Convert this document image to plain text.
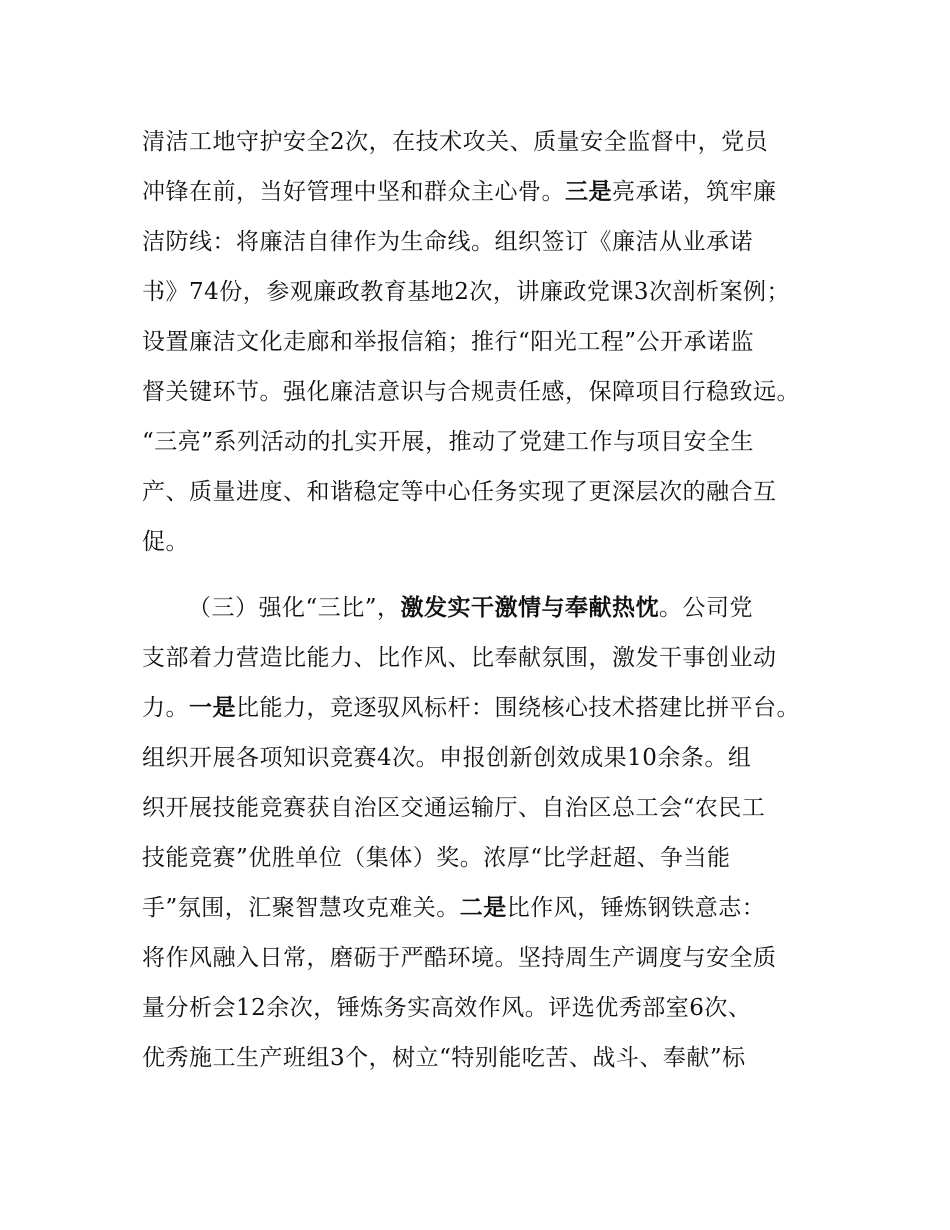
清洁工地守护安全2次，在技术攻关、质量安全监督中，党员
冲锋在前，当好管理中坚和群众主心骨。三是亮承诺，筑牢廉
洁防线：将廉洁自律作为生命线。组织签订《廉洁从业承诺
书》74份，参观廉政教育基地2次，讲廉政党课3次剖析案例；
设置廉洁文化走廊和举报信箱；推行“阳光工程”公开承诺监
督关键环节。强化廉洁意识与合规责任感，保障项目行稳致远。
“三亮”系列活动的扎实开展，推动了党建工作与项目安全生
产、质量进度、和谐稳定等中心任务实现了更深层次的融合互
促。
（三）强化“三比”，激发实干激情与奉献热忱。公司党
支部着力营造比能力、比作风、比奉献氛围，激发干事创业动
力。一是比能力，竞逐驭风标杆：围绕核心技术搭建比拼平台。
组织开展各项知识竞赛4次。申报创新创效成果10余条。组
织开展技能竞赛获自治区交通运输厅、自治区总工会“农民工
技能竞赛”优胜单位（集体）奖。浓厚“比学赶超、争当能
手”氛围，汇聚智慧攻克难关。二是比作风，锤炼钢铁意志：
将作风融入日常，磨砺于严酷环境。坚持周生产调度与安全质
量分析会12余次，锤炼务实高效作风。评选优秀部室6次、
优秀施工生产班组3个，树立“特别能吃苦、战斗、奉献”标
